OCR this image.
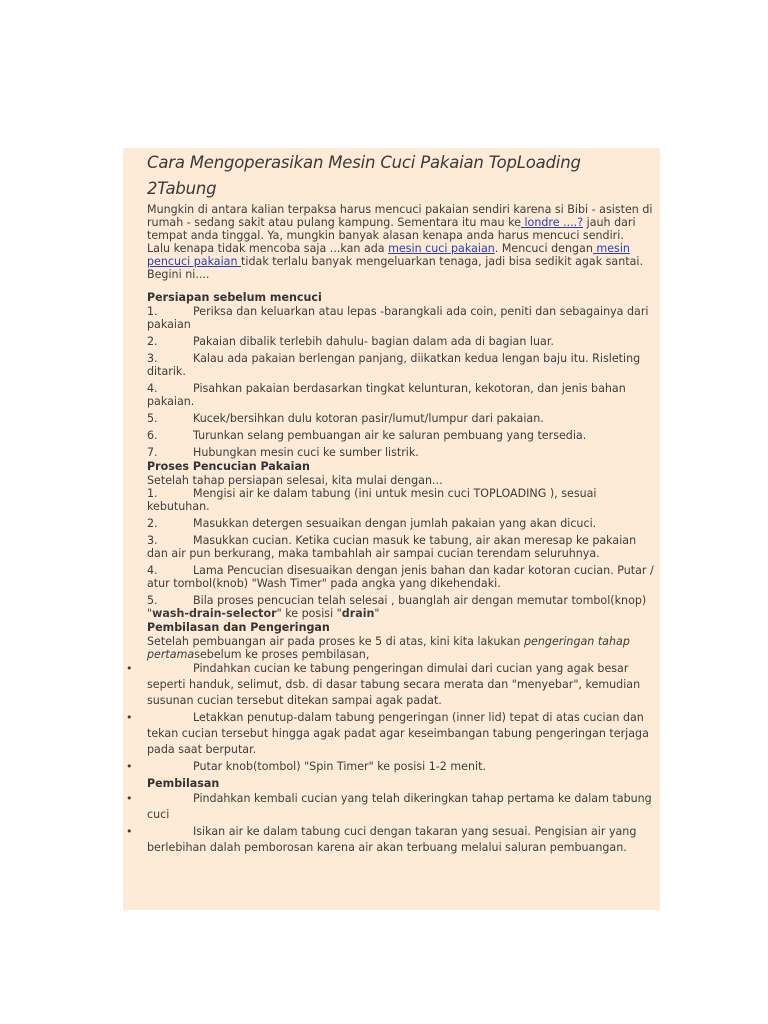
Cara Mengoperasikan Mesin Cuci Pakaian TopLoading
2Tabung

Mungkin di antara kalian terpaksa harus mencuci pakaian sendiri karena si Bibi - asisten di rumah - sedang sakit atau pulang kampung. Sementara itu mau ke londre ....? jauh dari tempat anda tinggal. Ya, mungkin banyak alasan kenapa anda harus mencuci sendiri.

Lalu kenapa tidak mencoba saja ...kan ada mesin cuci pakaian. Mencuci dengan mesin pencuci pakaian tidak terlalu banyak mengeluarkan tenaga, jadi bisa sedikit agak santai. Begini ni....

Persiapan sebelum mencuci

1.	Periksa dan keluarkan atau lepas -barangkali ada coin, peniti dan sebagainya dari pakaian

2.	Pakaian dibalik terlebih dahulu- bagian dalam ada di bagian luar.

3.	Kalau ada pakaian berlengan panjang, diikatkan kedua lengan baju itu. Risleting ditarik.

4.	Pisahkan pakaian berdasarkan tingkat kelunturan, kekotoran, dan jenis bahan pakaian.

5.	Kucek/bersihkan dulu kotoran pasir/lumut/lumpur dari pakaian.

6.	Turunkan selang pembuangan air ke saluran pembuang yang tersedia.

7.	Hubungkan mesin cuci ke sumber listrik.

Proses Pencucian Pakaian

Setelah tahap persiapan selesai, kita mulai dengan...

1.	Mengisi air ke dalam tabung (ini untuk mesin cuci TOPLOADING ), sesuai kebutuhan.

2.	Masukkan detergen sesuaikan dengan jumlah pakaian yang akan dicuci.

3.	Masukkan cucian. Ketika cucian masuk ke tabung, air akan meresap ke pakaian dan air pun berkurang, maka tambahlah air sampai cucian terendam seluruhnya.

4.	Lama Pencucian disesuaikan dengan jenis bahan dan kadar kotoran cucian. Putar / atur tombol(knob) "Wash Timer" pada angka yang dikehendaki.

5.	Bila proses pencucian telah selesai , buanglah air dengan memutar tombol(knop) "wash-drain-selector" ke posisi "drain"

Pembilasan dan Pengeringan

Setelah pembuangan air pada proses ke 5 di atas, kini kita lakukan pengeringan tahap pertamasebelum ke proses pembilasan,

•	Pindahkan cucian ke tabung pengeringan dimulai dari cucian yang agak besar seperti handuk, selimut, dsb. di dasar tabung secara merata dan "menyebar", kemudian susunan cucian tersebut ditekan sampai agak padat.

•	Letakkan penutup-dalam tabung pengeringan (inner lid) tepat di atas cucian dan tekan cucian tersebut hingga agak padat agar keseimbangan tabung pengeringan terjaga pada saat berputar.

•	Putar knob(tombol) "Spin Timer" ke posisi 1-2 menit.

Pembilasan

•	Pindahkan kembali cucian yang telah dikeringkan tahap pertama ke dalam tabung cuci

•	Isikan air ke dalam tabung cuci dengan takaran yang sesuai. Pengisian air yang berlebihan dalah pemborosan karena air akan terbuang melalui saluran pembuangan.
